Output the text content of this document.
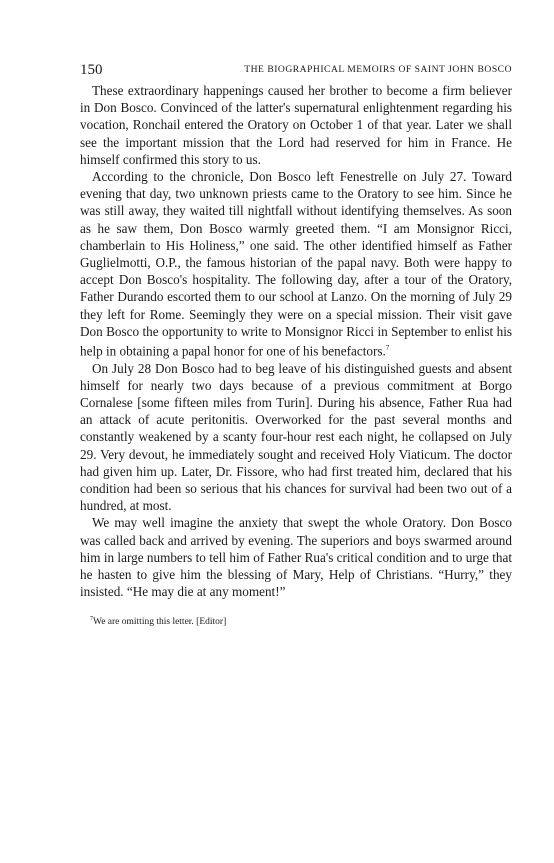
150	THE BIOGRAPHICAL MEMOIRS OF SAINT JOHN BOSCO

These extraordinary happenings caused her brother to become a firm believer in Don Bosco. Convinced of the latter's supernatural enlightenment regarding his vocation, Ronchail entered the Oratory on October 1 of that year. Later we shall see the important mission that the Lord had reserved for him in France. He himself confirmed this story to us.

According to the chronicle, Don Bosco left Fenestrelle on July 27. Toward evening that day, two unknown priests came to the Oratory to see him. Since he was still away, they waited till nightfall without identifying themselves. As soon as he saw them, Don Bosco warmly greeted them. “I am Monsignor Ricci, chamberlain to His Holiness,” one said. The other identified himself as Father Guglielmotti, O.P., the famous historian of the papal navy. Both were happy to accept Don Bosco's hospitality. The following day, after a tour of the Oratory, Father Durando escorted them to our school at Lanzo. On the morning of July 29 they left for Rome. Seemingly they were on a special mission. Their visit gave Don Bosco the opportunity to write to Monsignor Ricci in September to enlist his help in obtaining a papal honor for one of his benefactors.$^7$

On July 28 Don Bosco had to beg leave of his distinguished guests and absent himself for nearly two days because of a previous commitment at Borgo Cornalese [some fifteen miles from Turin]. During his absence, Father Rua had an attack of acute peritonitis. Overworked for the past several months and constantly weakened by a scanty four-hour rest each night, he collapsed on July 29. Very devout, he immediately sought and received Holy Viaticum. The doctor had given him up. Later, Dr. Fissore, who had first treated him, declared that his condition had been so serious that his chances for survival had been two out of a hundred, at most.

We may well imagine the anxiety that swept the whole Oratory. Don Bosco was called back and arrived by evening. The superiors and boys swarmed around him in large numbers to tell him of Father Rua's critical condition and to urge that he hasten to give him the blessing of Mary, Help of Christians. “Hurry,” they insisted. “He may die at any moment!”

$^7$We are omitting this letter. [Editor]
